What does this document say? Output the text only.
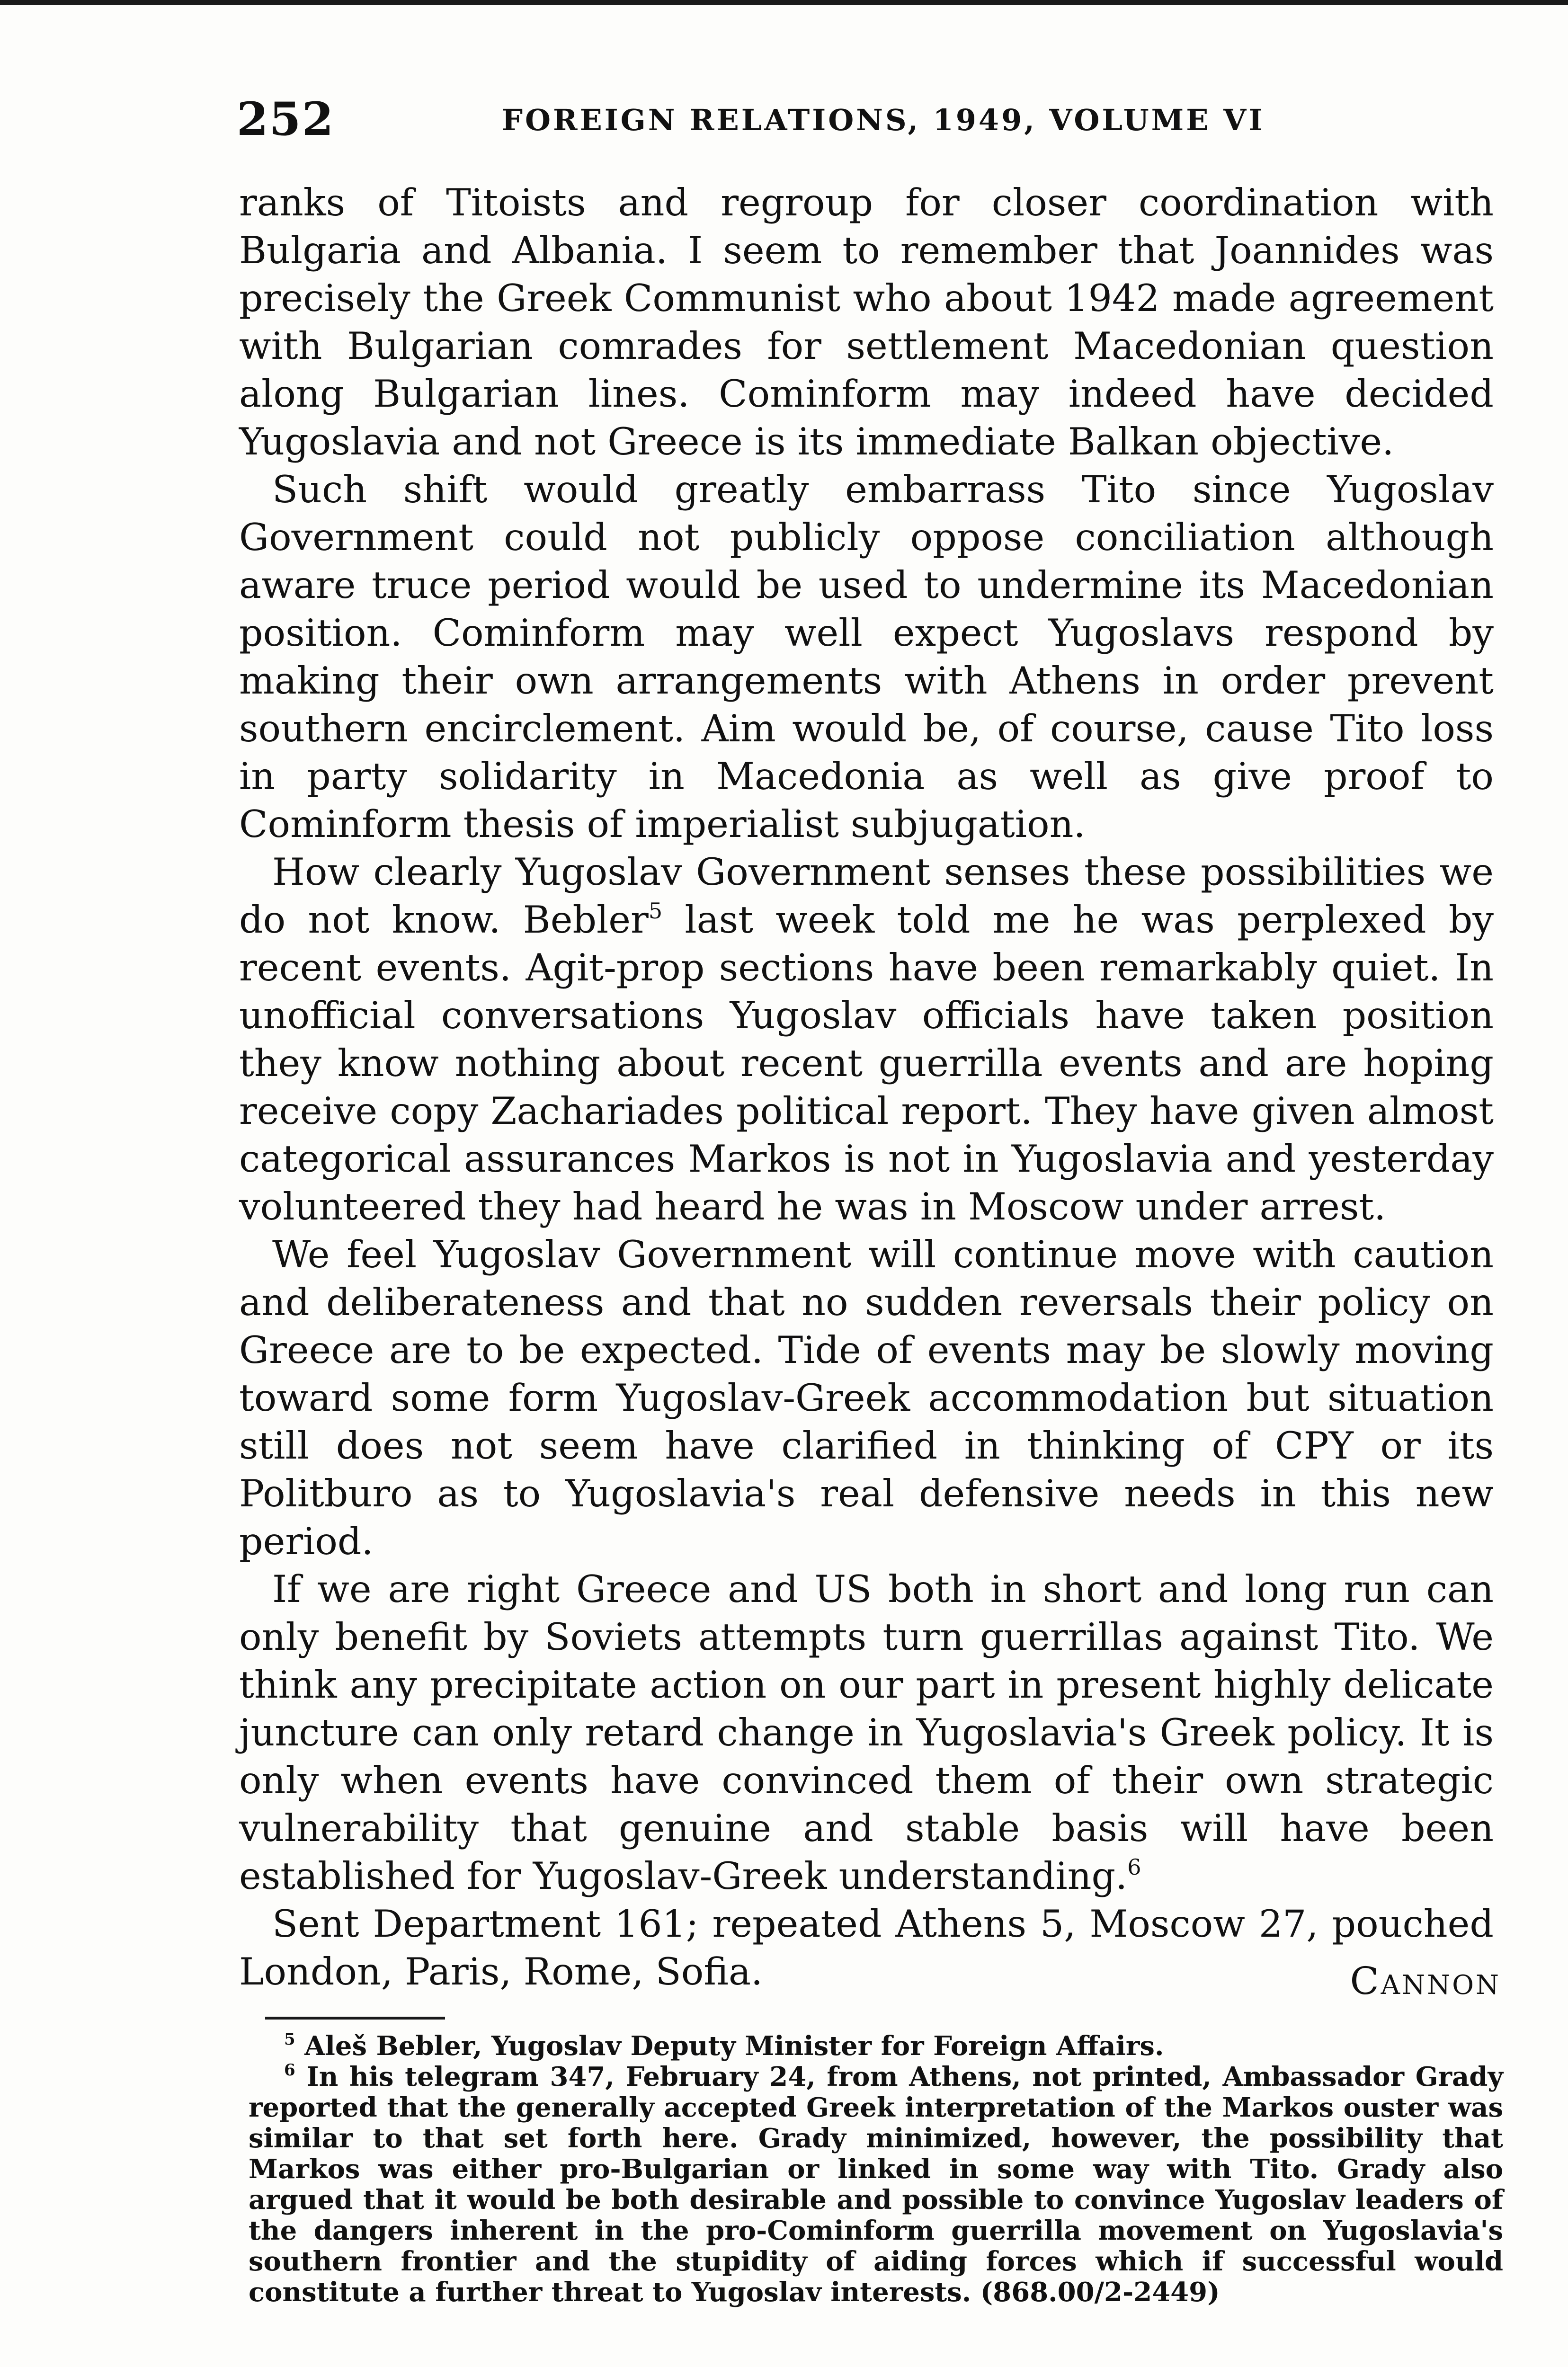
252	FOREIGN RELATIONS, 1949, VOLUME VI

ranks of Titoists and regroup for closer coordination with Bulgaria and Albania. I seem to remember that Joannides was precisely the Greek Communist who about 1942 made agreement with Bulgarian comrades for settlement Macedonian question along Bulgarian lines. Cominform may indeed have decided Yugoslavia and not Greece is its immediate Balkan objective.

Such shift would greatly embarrass Tito since Yugoslav Government could not publicly oppose conciliation although aware truce period would be used to undermine its Macedonian position. Cominform may well expect Yugoslavs respond by making their own arrangements with Athens in order prevent southern encirclement. Aim would be, of course, cause Tito loss in party solidarity in Macedonia as well as give proof to Cominform thesis of imperialist subjugation.

How clearly Yugoslav Government senses these possibilities we do not know. Bebler$^5$ last week told me he was perplexed by recent events. Agit-prop sections have been remarkably quiet. In unofficial conversations Yugoslav officials have taken position they know nothing about recent guerrilla events and are hoping receive copy Zachariades political report. They have given almost categorical assurances Markos is not in Yugoslavia and yesterday volunteered they had heard he was in Moscow under arrest.

We feel Yugoslav Government will continue move with caution and deliberateness and that no sudden reversals their policy on Greece are to be expected. Tide of events may be slowly moving toward some form Yugoslav-Greek accommodation but situation still does not seem have clarified in thinking of CPY or its Politburo as to Yugoslavia's real defensive needs in this new period.

If we are right Greece and US both in short and long run can only benefit by Soviets attempts turn guerrillas against Tito. We think any precipitate action on our part in present highly delicate juncture can only retard change in Yugoslavia's Greek policy. It is only when events have convinced them of their own strategic vulnerability that genuine and stable basis will have been established for Yugoslav-Greek understanding.$^6$

Sent Department 161; repeated Athens 5, Moscow 27, pouched London, Paris, Rome, Sofia.	Cannon

$^5$ Aleš Bebler, Yugoslav Deputy Minister for Foreign Affairs.

$^6$ In his telegram 347, February 24, from Athens, not printed, Ambassador Grady reported that the generally accepted Greek interpretation of the Markos ouster was similar to that set forth here. Grady minimized, however, the possibility that Markos was either pro-Bulgarian or linked in some way with Tito. Grady also argued that it would be both desirable and possible to convince Yugoslav leaders of the dangers inherent in the pro-Cominform guerrilla movement on Yugoslavia's southern frontier and the stupidity of aiding forces which if successful would constitute a further threat to Yugoslav interests. (868.00/2-2449)
